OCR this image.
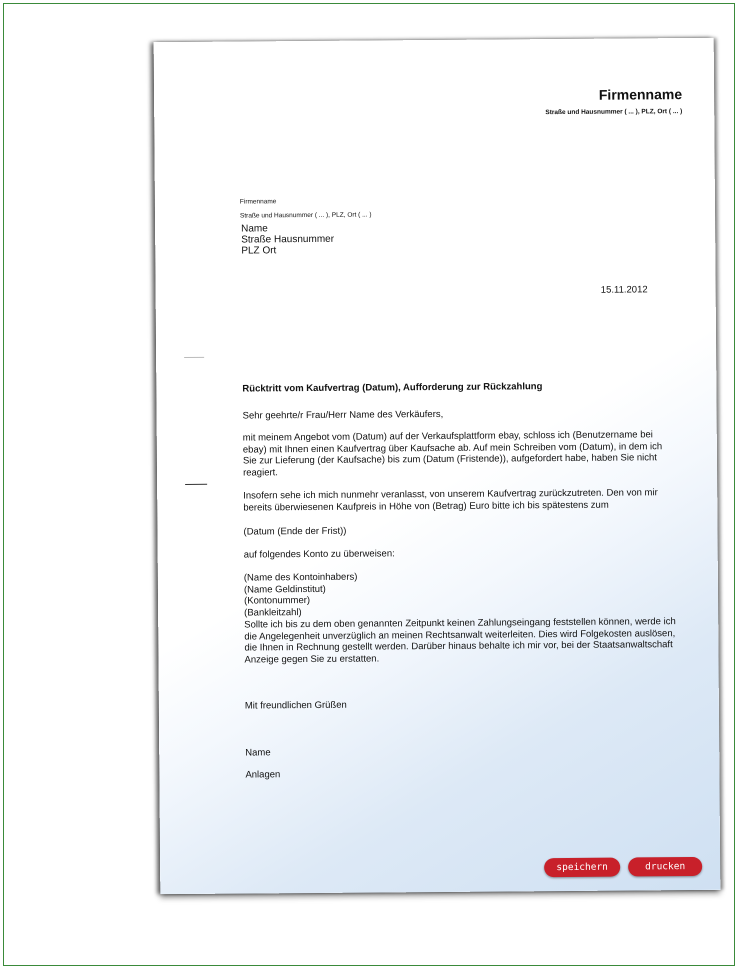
Firmenname
Straße und Hausnummer ( ... ), PLZ, Ort ( ... )
Firmenname
Straße und Hausnummer ( ... ), PLZ, Ort ( ... )
Name
Straße Hausnummer
PLZ Ort
15.11.2012
Rücktritt vom Kaufvertrag (Datum), Aufforderung zur Rückzahlung
Sehr geehrte/r Frau/Herr Name des Verkäufers,
mit meinem Angebot vom (Datum) auf der Verkaufsplattform ebay, schloss ich (Benutzername bei ebay) mit Ihnen einen Kaufvertrag über Kaufsache ab. Auf mein Schreiben vom (Datum), in dem ich Sie zur Lieferung (der Kaufsache) bis zum (Datum (Fristende)), aufgefordert habe, haben Sie nicht reagiert.
Insofern sehe ich mich nunmehr veranlasst, von unserem Kaufvertrag zurückzutreten. Den von mir bereits überwiesenen Kaufpreis in Höhe von (Betrag) Euro bitte ich bis spätestens zum
(Datum (Ende der Frist))
auf folgendes Konto zu überweisen:
(Name des Kontoinhabers)
(Name Geldinstitut)
(Kontonummer)
(Bankleitzahl)
Sollte ich bis zu dem oben genannten Zeitpunkt keinen Zahlungseingang feststellen können, werde ich die Angelegenheit unverzüglich an meinen Rechtsanwalt weiterleiten. Dies wird Folgekosten auslösen, die Ihnen in Rechnung gestellt werden. Darüber hinaus behalte ich mir vor, bei der Staatsanwaltschaft Anzeige gegen Sie zu erstatten.
Mit freundlichen Grüßen
Name
Anlagen
speichern	drucken
